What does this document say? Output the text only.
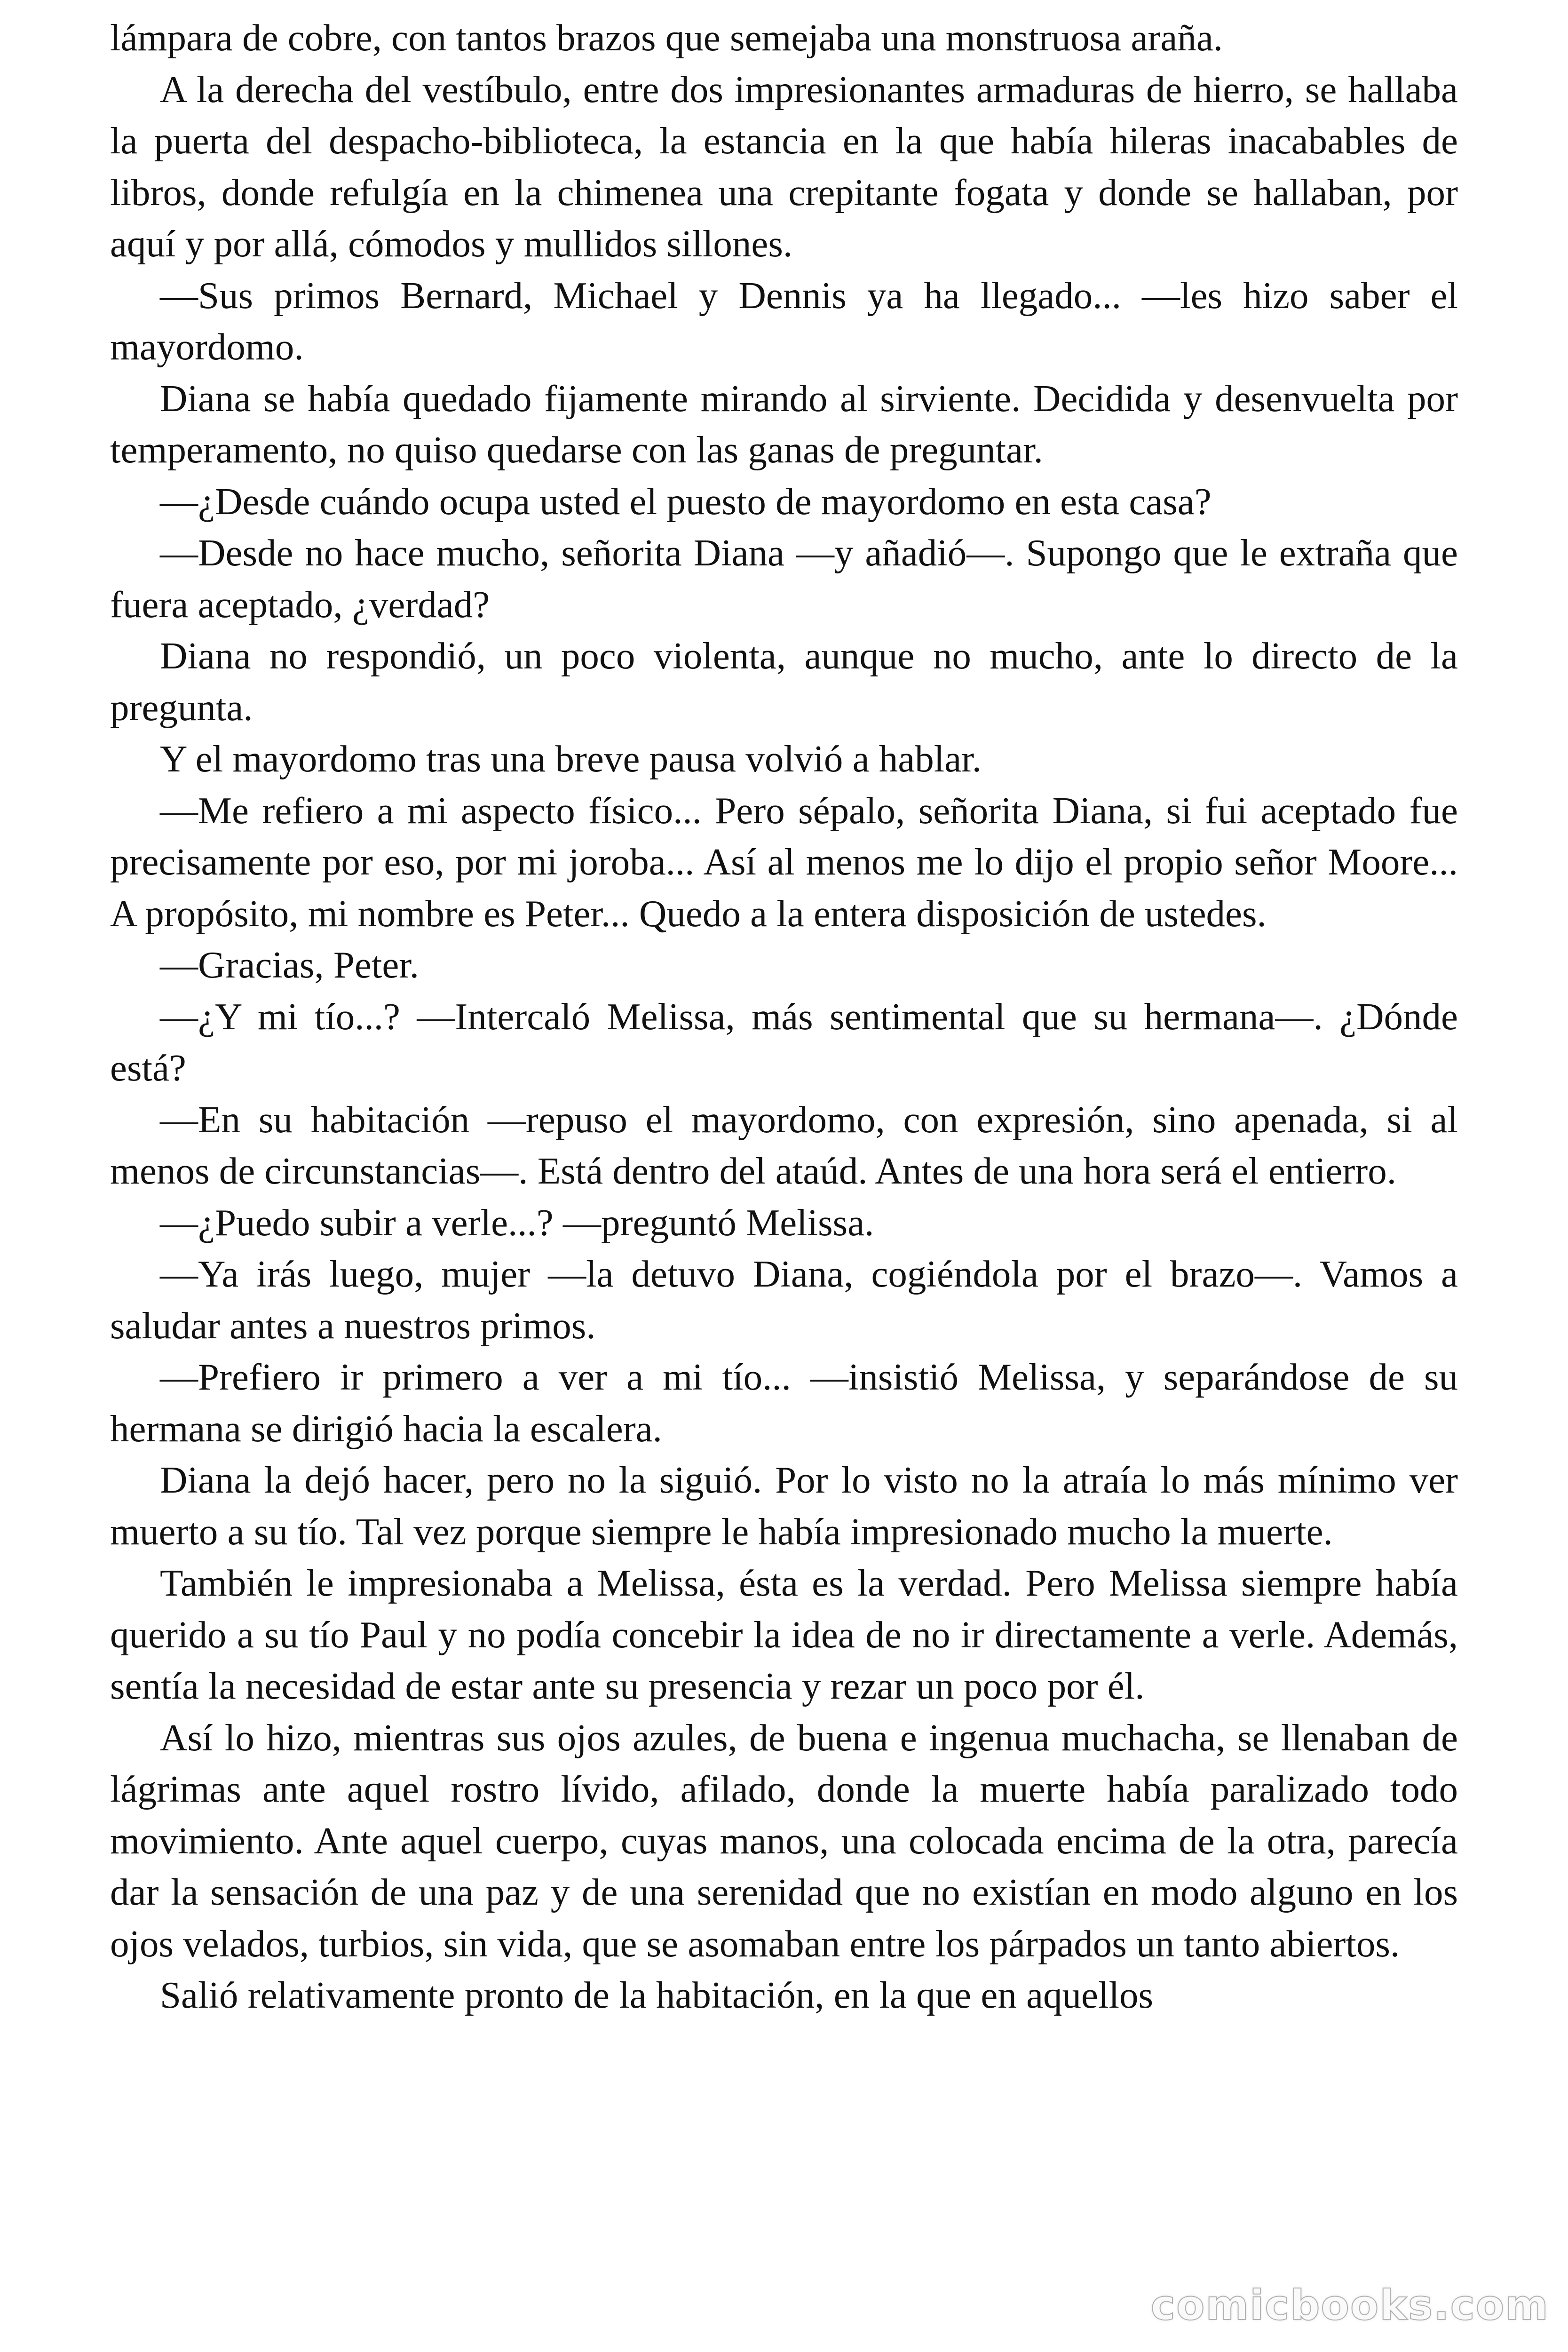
lámpara de cobre, con tantos brazos que semejaba una monstruosa araña.

A la derecha del vestíbulo, entre dos impresionantes armaduras de hierro, se hallaba la puerta del despacho-biblioteca, la estancia en la que había hileras inacabables de libros, donde refulgía en la chimenea una crepitante fogata y donde se hallaban, por aquí y por allá, cómodos y mullidos sillones.

—Sus primos Bernard, Michael y Dennis ya ha llegado... —les hizo saber el mayordomo.

Diana se había quedado fijamente mirando al sirviente. Decidida y desenvuelta por temperamento, no quiso quedarse con las ganas de preguntar.

—¿Desde cuándo ocupa usted el puesto de mayordomo en esta casa?

—Desde no hace mucho, señorita Diana —y añadió—. Supongo que le extraña que fuera aceptado, ¿verdad?

Diana no respondió, un poco violenta, aunque no mucho, ante lo directo de la pregunta.

Y el mayordomo tras una breve pausa volvió a hablar.

—Me refiero a mi aspecto físico... Pero sépalo, señorita Diana, si fui aceptado fue precisamente por eso, por mi joroba... Así al menos me lo dijo el propio señor Moore... A propósito, mi nombre es Peter... Quedo a la entera disposición de ustedes.

—Gracias, Peter.

—¿Y mi tío...? —Intercaló Melissa, más sentimental que su hermana—. ¿Dónde está?

—En su habitación —repuso el mayordomo, con expresión, sino apenada, si al menos de circunstancias—. Está dentro del ataúd. Antes de una hora será el entierro.

—¿Puedo subir a verle...? —preguntó Melissa.

—Ya irás luego, mujer —la detuvo Diana, cogiéndola por el brazo—. Vamos a saludar antes a nuestros primos.

—Prefiero ir primero a ver a mi tío... —insistió Melissa, y separándose de su hermana se dirigió hacia la escalera.

Diana la dejó hacer, pero no la siguió. Por lo visto no la atraía lo más mínimo ver muerto a su tío. Tal vez porque siempre le había impresionado mucho la muerte.

También le impresionaba a Melissa, ésta es la verdad. Pero Melissa siempre había querido a su tío Paul y no podía concebir la idea de no ir directamente a verle. Además, sentía la necesidad de estar ante su presencia y rezar un poco por él.

Así lo hizo, mientras sus ojos azules, de buena e ingenua muchacha, se llenaban de lágrimas ante aquel rostro lívido, afilado, donde la muerte había paralizado todo movimiento. Ante aquel cuerpo, cuyas manos, una colocada encima de la otra, parecía dar la sensación de una paz y de una serenidad que no existían en modo alguno en los ojos velados, turbios, sin vida, que se asomaban entre los párpados un tanto abiertos.

Salió relativamente pronto de la habitación, en la que en aquellos

comicbooks.com
